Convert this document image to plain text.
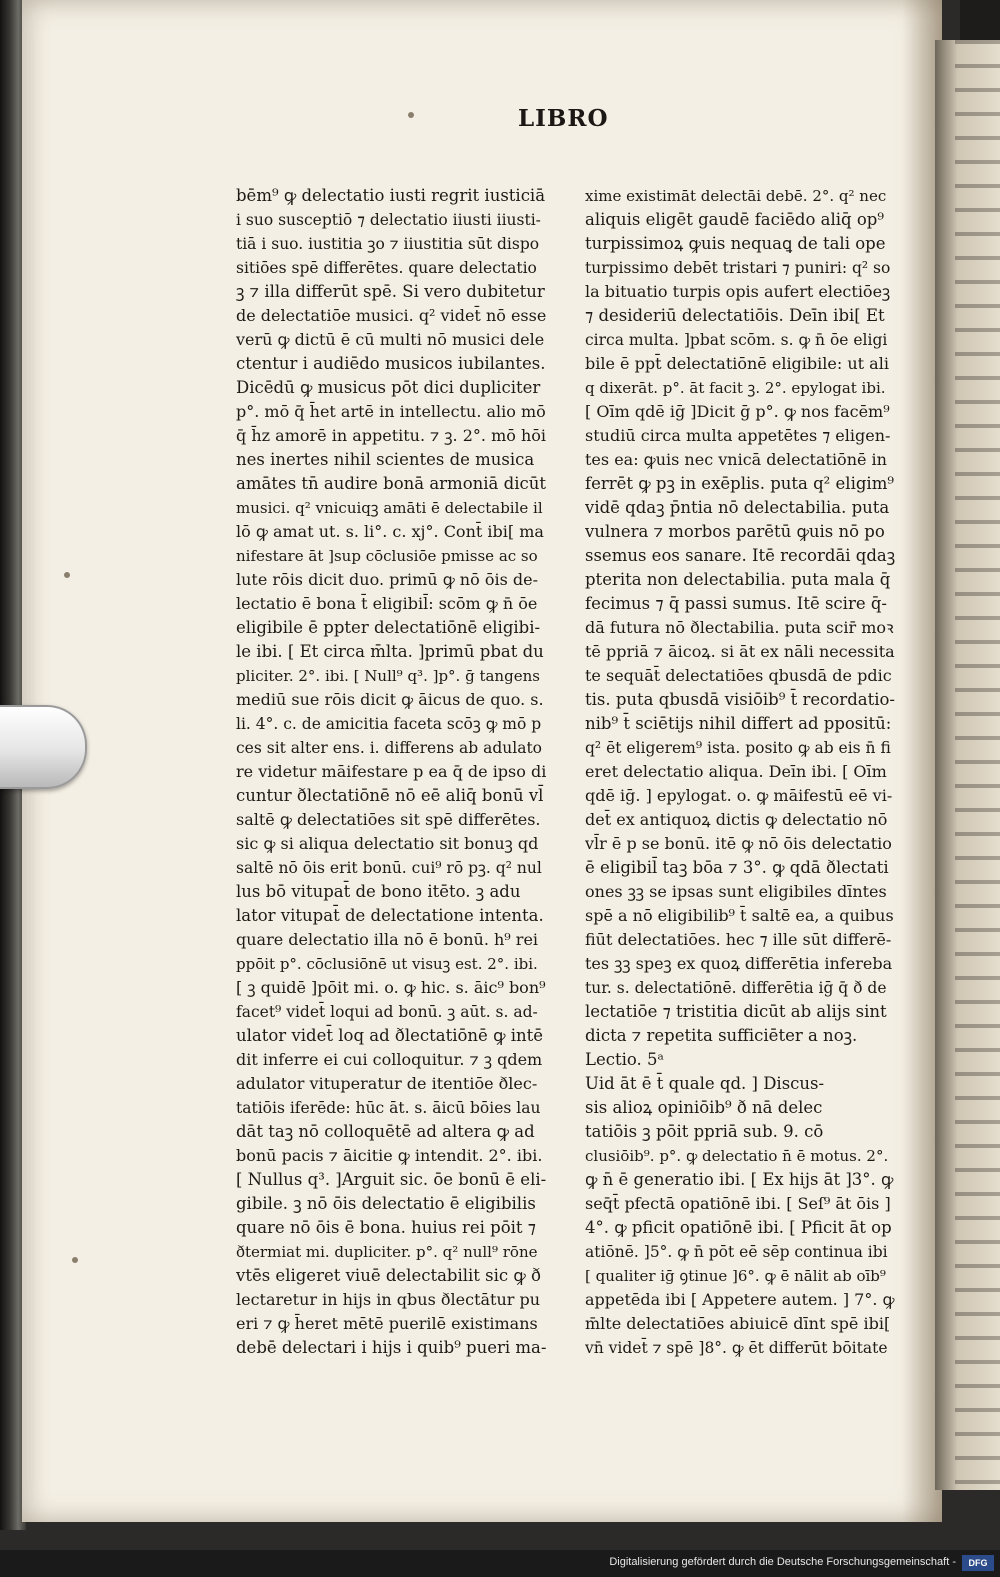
LIBRO
bēm⁹ ꝙ delectatio iusti regrit iusticiā
i suo susceptiō ⁊ delectatio iiusti iiusti-
tiā i suo. iustitia ꝫo ⁊ iiustitia sūt dispo
sitiōes spē differētes. quare delectatio
ꝫ ⁊ illa differūt spē. Si vero dubitetur
de delectatiōe musici. q² videt̄ nō esse
verū ꝙ dictū ē cū multi nō musici dele
ctentur i audiēdo musicos iubilantes.
Dicēdū ꝙ musicus pōt dici dupliciter
p°. mō q̄ h̄et artē in intellectu. alio mō
q̄ h̄z amorē in appetitu. ⁊ ꝫ. 2°. mō hōi
nes inertes nihil scientes de musica
amātes tn̄ audire bonā armoniā dicūt
musici. q² vnicuiqꝫ amāti ē delectabile il
lō ꝙ amat ut. s. li°. c. xj°. Cont̄ ibi[ ma
nifestare āt ]sup cōclusiōe pmisse ac so
lute rōis dicit duo. primū ꝙ nō ōis de-
lectatio ē bona t̄ eligibil̄: scōm ꝙ n̄ ōe
eligibile ē ppter delectatiōnē eligibi-
le ibi. [ Et circa m̄lta. ]primū pbat du
pliciter. 2°. ibi. [ Null⁹ q³. ]p°. ḡ tangens
mediū sue rōis dicit ꝙ āicus de quo. s.
li. 4°. c. de amicitia faceta scōꝫ ꝙ mō p
ces sit alter ens. i. differens ab adulato
re videtur māifestare p ea q̄ de ipso di
cuntur ðlectatiōnē nō eē aliq̄ bonū vl̄
saltē ꝙ delectatiōes sit spē differētes.
sic ꝙ si aliqua delectatio sit bonuꝫ qd
saltē nō ōis erit bonū. cui⁹ rō pꝫ. q² nul
lus bō vitupat̄ de bono itēto. ꝫ adu
lator vitupat̄ de delectatione intenta.
quare delectatio illa nō ē bonū. h⁹ rei
ppōit p°. cōclusiōnē ut visuꝫ est. 2°. ibi.
[ ꝫ quidē ]pōit mi. o. ꝙ hic. s. āic⁹ bon⁹
facet⁹ videt̄ loqui ad bonū. ꝫ aūt. s. ad-
ulator videt̄ loq ad ðlectatiōnē ꝙ intē
dit inferre ei cui colloquitur. ⁊ ꝫ qdem
adulator vituperatur de itentiōe ðlec-
tatiōis iferēde: hūc āt. s. āicū bōies lau
dāt taꝫ nō colloquētē ad altera ꝙ ad
bonū pacis ⁊ āicitie ꝙ intendit. 2°. ibi.
[ Nullus q³. ]Arguit sic. ōe bonū ē eli-
gibile. ꝫ nō ōis delectatio ē eligibilis
quare nō ōis ē bona. huius rei pōit ⁊
ðtermiat mi. dupliciter. p°. q² null⁹ rōne
vtēs eligeret viuē delectabilit sic ꝙ ð
lectaretur in hijs in qbus ðlectātur pu
eri ⁊ ꝙ h̄eret mētē puerilē existimans
debē delectari i hijs i quib⁹ pueri ma-
xime existimāt delectāi debē. 2°. q² nec
aliquis eligēt gaudē faciēdo aliq̄ op⁹
turpissimoꝝ ꝙuis nequaꝗ de tali ope
turpissimo debēt tristari ⁊ puniri: q² so
la bituatio turpis opis aufert electiōeꝫ
⁊ desideriū delectatiōis. Deīn ibi[ Et
circa multa. ]pbat scōm. s. ꝙ n̄ ōe eligi
bile ē ppt̄ delectatiōnē eligibile: ut ali
q dixerāt. p°. āt facit ꝫ. 2°. epylogat ibi.
[ Oīm qdē iḡ ]Dicit ḡ p°. ꝙ nos facēm⁹
studiū circa multa appetētes ⁊ eligen-
tes ea: ꝙuis nec vnicā delectatiōnē in
ferrēt ꝙ pꝫ in exēplis. puta q² eligim⁹
vidē qdaꝫ p̄ntia nō delectabilia. puta
vulnera ⁊ morbos parētū ꝙuis nō po
ssemus eos sanare. Itē recordāi qdaꝫ
pterita non delectabilia. puta mala q̄
fecimus ⁊ q̄ passi sumus. Itē scire q̄-
dā futura nō ðlectabilia. puta scir̄ moꝛ
tē ppriā ⁊ āicoꝝ. si āt ex nāli necessita
te sequāt̄ delectatiōes qbusdā de pdic
tis. puta qbusdā visiōib⁹ t̄ recordatio-
nib⁹ t̄ sciētijs nihil differt ad ppositū:
q² ēt eligerem⁹ ista. posito ꝙ ab eis n̄ fi
eret delectatio aliqua. Deīn ibi. [ Oīm
qdē iḡ. ] epylogat. o. ꝙ māifestū eē vi-
det̄ ex antiquoꝝ dictis ꝙ delectatio nō
vl̄r ē p se bonū. itē ꝙ nō ōis delectatio
ē eligibil̄ taꝫ bōa ⁊ 3°. ꝙ qdā ðlectati
ones ꝫꝫ se ipsas sunt eligibiles dīntes
spē a nō eligibilib⁹ t̄ saltē ea, a quibus
fiūt delectatiōes. hec ⁊ ille sūt differē-
tes ꝫꝫ speꝫ ex quoꝝ differētia infereba
tur. s. delectatiōnē. differētia iḡ q̄ ð de
lectatiōe ⁊ tristitia dicūt ab alijs sint
dicta ⁊ repetita sufficiēter a noꝫ.
Lectio. 5ᵃ
Uid āt ē t̄ quale qd. ] Discus-
sis alioꝝ opiniōib⁹ ð nā delec
tatiōis ꝫ pōit ppriā sub. 9. cō
clusiōib⁹. p°. ꝙ delectatio n̄ ē motus. 2°.
ꝙ n̄ ē generatio ibi. [ Ex hijs āt ]3°. ꝙ
seq̄t̄ pfectā opatiōnē ibi. [ Seſ⁹ āt ōis ]
4°. ꝙ pficit opatiōnē ibi. [ Pficit āt op
atiōnē. ]5°. ꝙ n̄ pōt eē sēp continua ibi
[ qualiter iḡ ꝯtinue ]6°. ꝙ ē nālit ab oīb⁹
appetēda ibi [ Appetere autem. ] 7°. ꝙ
m̄lte delectatiōes abiuicē dīnt spē ibi[
vn̄ videt̄ ⁊ spē ]8°. ꝙ ēt differūt bōitate
Digitalisierung gefördert durch die Deutsche Forschungsgemeinschaft -	DFG
